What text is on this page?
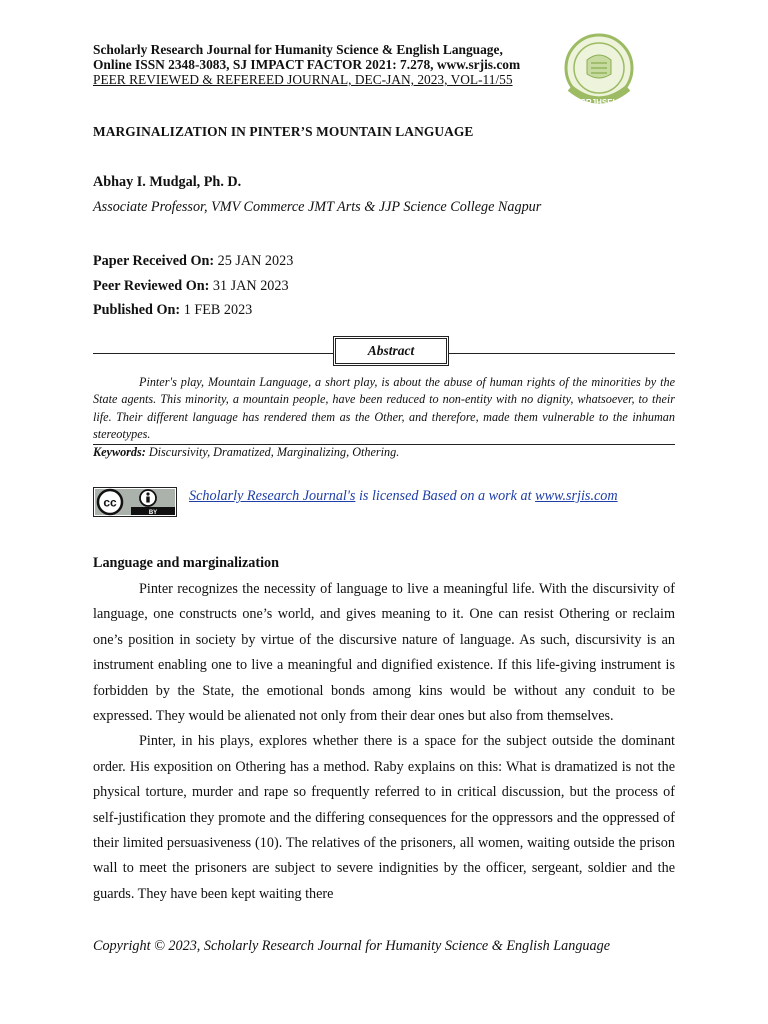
Scholarly Research Journal for Humanity Science & English Language,
Online ISSN 2348-3083, SJ IMPACT FACTOR 2021: 7.278, www.srjis.com
PEER REVIEWED & REFEREED JOURNAL, DEC-JAN, 2023, VOL-11/55
SRJHSEL
MARGINALIZATION IN PINTER’S MOUNTAIN LANGUAGE
Abhay I. Mudgal, Ph. D.
Associate Professor, VMV Commerce JMT Arts & JJP Science College Nagpur
Paper Received On: 25 JAN 2023
Peer Reviewed On: 31 JAN 2023
Published On: 1 FEB 2023
Abstract
Pinter's play, Mountain Language, a short play, is about the abuse of human rights of the minorities by the State agents. This minority, a mountain people, have been reduced to non-entity with no dignity, whatsoever, to their life. Their different language has rendered them as the Other, and therefore, made them vulnerable to the inhuman stereotypes.
Keywords: Discursivity, Dramatized, Marginalizing, Othering.
cc
BY
Scholarly Research Journal's is licensed Based on a work at www.srjis.com
Language and marginalization

Pinter recognizes the necessity of language to live a meaningful life. With the discursivity of language, one constructs one’s world, and gives meaning to it. One can resist Othering or reclaim one’s position in society by virtue of the discursive nature of language. As such, discursivity is an instrument enabling one to live a meaningful and dignified existence. If this life-giving instrument is forbidden by the State, the emotional bonds among kins would be without any conduit to be expressed. They would be alienated not only from their dear ones but also from themselves.

Pinter, in his plays, explores whether there is a space for the subject outside the dominant order. His exposition on Othering has a method. Raby explains on this: What is dramatized is not the physical torture, murder and rape so frequently referred to in critical discussion, but the process of self-justification they promote and the differing consequences for the oppressors and the oppressed of their limited persuasiveness (10). The relatives of the prisoners, all women, waiting outside the prison wall to meet the prisoners are subject to severe indignities by the officer, sergeant, soldier and the guards. They have been kept waiting there

Copyright © 2023, Scholarly Research Journal for Humanity Science & English Language
